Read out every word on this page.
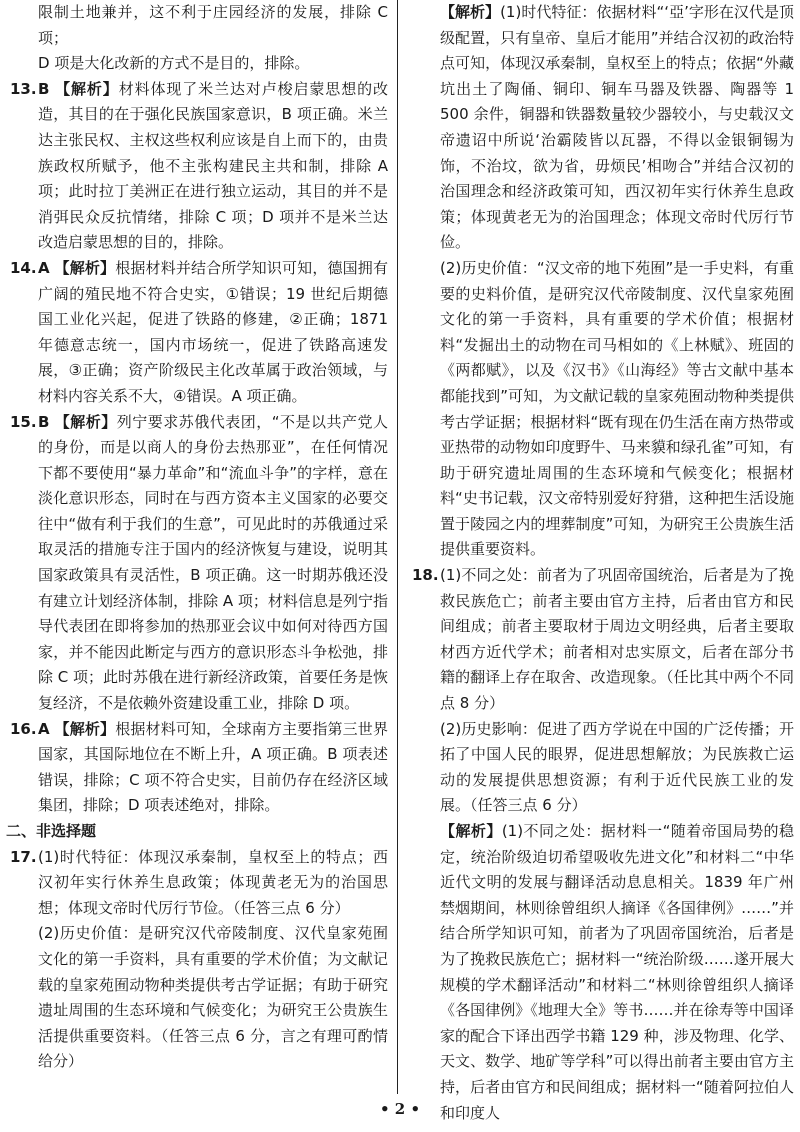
限制土地兼并，这不利于庄园经济的发展，排除 C 项；

D 项是大化改新的方式不是目的，排除。

13. B 【解析】材料体现了米兰达对卢梭启蒙思想的改造，其目的在于强化民族国家意识，B 项正确。米兰达主张民权、主权这些权利应该是自上而下的，由贵族政权所赋予，他不主张构建民主共和制，排除 A 项；此时拉丁美洲正在进行独立运动，其目的并不是消弭民众反抗情绪，排除 C 项；D 项并不是米兰达改造启蒙思想的目的，排除。
14. A 【解析】根据材料并结合所学知识可知，德国拥有广阔的殖民地不符合史实，①错误；19 世纪后期德国工业化兴起，促进了铁路的修建，②正确；1871 年德意志统一，国内市场统一，促进了铁路高速发展，③正确；资产阶级民主化改革属于政治领域，与材料内容关系不大，④错误。A 项正确。
15. B 【解析】列宁要求苏俄代表团，“不是以共产党人的身份，而是以商人的身份去热那亚”，在任何情况下都不要使用“暴力革命”和“流血斗争”的字样，意在淡化意识形态，同时在与西方资本主义国家的必要交往中“做有利于我们的生意”，可见此时的苏俄通过采取灵活的措施专注于国内的经济恢复与建设，说明其国家政策具有灵活性，B 项正确。这一时期苏俄还没有建立计划经济体制，排除 A 项；材料信息是列宁指导代表团在即将参加的热那亚会议中如何对待西方国家，并不能因此断定与西方的意识形态斗争松弛，排除 C 项；此时苏俄在进行新经济政策，首要任务是恢复经济，不是依赖外资建设重工业，排除 D 项。
16. A 【解析】根据材料可知，全球南方主要指第三世界国家，其国际地位在不断上升，A 项正确。B 项表述错误，排除；C 项不符合史实，目前仍存在经济区域集团，排除；D 项表述绝对，排除。

二、非选择题

17. (1)时代特征：体现汉承秦制，皇权至上的特点；西汉初年实行休养生息政策；体现黄老无为的治国思想；体现文帝时代厉行节俭。（任答三点 6 分）

(2)历史价值：是研究汉代帝陵制度、汉代皇家苑囿文化的第一手资料，具有重要的学术价值；为文献记载的皇家苑囿动物种类提供考古学证据；有助于研究遗址周围的生态环境和气候变化；为研究王公贵族生活提供重要资料。（任答三点 6 分，言之有理可酌情给分）

【解析】(1)时代特征：依据材料“‘亞’字形在汉代是顶级配置，只有皇帝、皇后才能用”并结合汉初的政治特点可知，体现汉承秦制，皇权至上的特点；依据“外藏坑出土了陶俑、铜印、铜车马器及铁器、陶器等 1 500 余件，铜器和铁器数量较少器较小，与史载汉文帝遗诏中所说‘治霸陵皆以瓦器，不得以金银铜锡为饰，不治坟，欲为省，毋烦民’相吻合”并结合汉初的治国理念和经济政策可知，西汉初年实行休养生息政策；体现黄老无为的治国理念；体现文帝时代厉行节俭。

(2)历史价值：“汉文帝的地下苑囿”是一手史料，有重要的史料价值，是研究汉代帝陵制度、汉代皇家苑囿文化的第一手资料，具有重要的学术价值；根据材料“发掘出土的动物在司马相如的《上林赋》、班固的《两都赋》，以及《汉书》《山海经》等古文献中基本都能找到”可知，为文献记载的皇家苑囿动物种类提供考古学证据；根据材料“既有现在仍生活在南方热带或亚热带的动物如印度野牛、马来貘和绿孔雀”可知，有助于研究遗址周围的生态环境和气候变化；根据材料“史书记载，汉文帝特别爱好狩猎，这种把生活设施置于陵园之内的埋葬制度”可知，为研究王公贵族生活提供重要资料。

18. (1)不同之处：前者为了巩固帝国统治，后者是为了挽救民族危亡；前者主要由官方主持，后者由官方和民间组成；前者主要取材于周边文明经典，后者主要取材西方近代学术；前者相对忠实原文，后者在部分书籍的翻译上存在取舍、改造现象。（任比其中两个不同点 8 分）

(2)历史影响：促进了西方学说在中国的广泛传播；开拓了中国人民的眼界，促进思想解放；为民族救亡运动的发展提供思想资源；有利于近代民族工业的发展。（任答三点 6 分）

【解析】(1)不同之处：据材料一“随着帝国局势的稳定，统治阶级迫切希望吸收先进文化”和材料二“中华近代文明的发展与翻译活动息息相关。1839 年广州禁烟期间，林则徐曾组织人摘译《各国律例》……”并结合所学知识可知，前者为了巩固帝国统治，后者是为了挽救民族危亡；据材料一“统治阶级……遂开展大规模的学术翻译活动”和材料二“林则徐曾组织人摘译《各国律例》《地理大全》等书……并在徐寿等中国译家的配合下译出西学书籍 129 种，涉及物理、化学、天文、数学、地矿等学科”可以得出前者主要由官方主持，后者由官方和民间组成；据材料一“随着阿拉伯人和印度人

• 2 •
